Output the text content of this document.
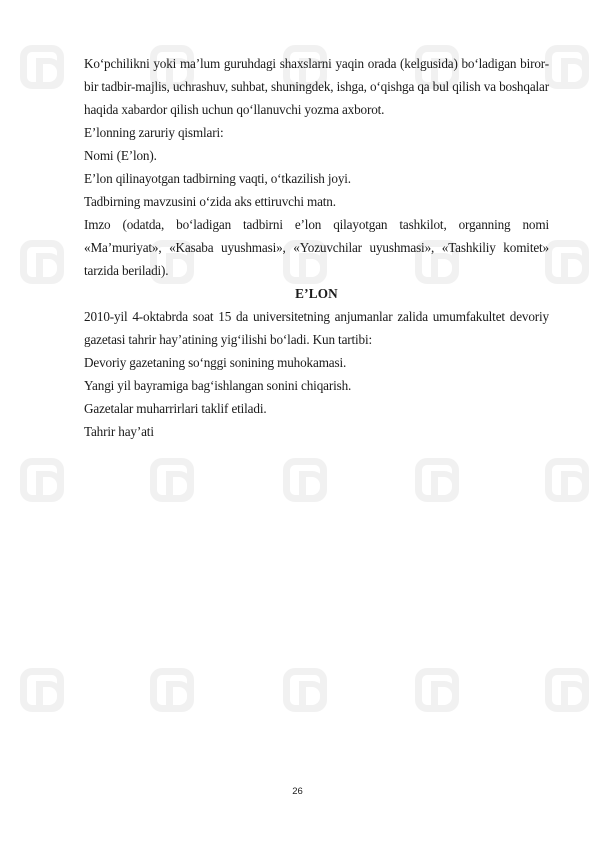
Ko‘pchilikni yoki ma’lum guruhdagi shaxslarni yaqin orada (kelgusida) bo‘ladigan biror-bir tadbir-majlis, uchrashuv, suhbat, shuningdek, ishga, o‘qishga qa bul qilish va boshqalar haqida xabardor qilish uchun qo‘llanuvchi yozma axborot.

E’lonning zaruriy qismlari:

Nomi (E’lon).

E’lon qilinayotgan tadbirning vaqti, o‘tkazilish joyi.

Tadbirning mavzusini o‘zida aks ettiruvchi matn.

Imzo (odatda, bo‘ladigan tadbirni e’lon qilayotgan tashkilot, organning nomi «Ma’muriyat», «Kasaba uyushmasi», «Yozuvchilar uyushmasi», «Tashkiliy komitet» tarzida beriladi).

E’LON

2010-yil 4-oktabrda soat 15 da universitetning anjumanlar zalida umumfakultet devoriy gazetasi tahrir hay’atining yig‘ilishi bo‘ladi. Kun tartibi:

Devoriy gazetaning so‘nggi sonining muhokamasi.

Yangi yil bayramiga bag‘ishlangan sonini chiqarish.

Gazetalar muharrirlari taklif etiladi.

Tahrir hay’ati

26
